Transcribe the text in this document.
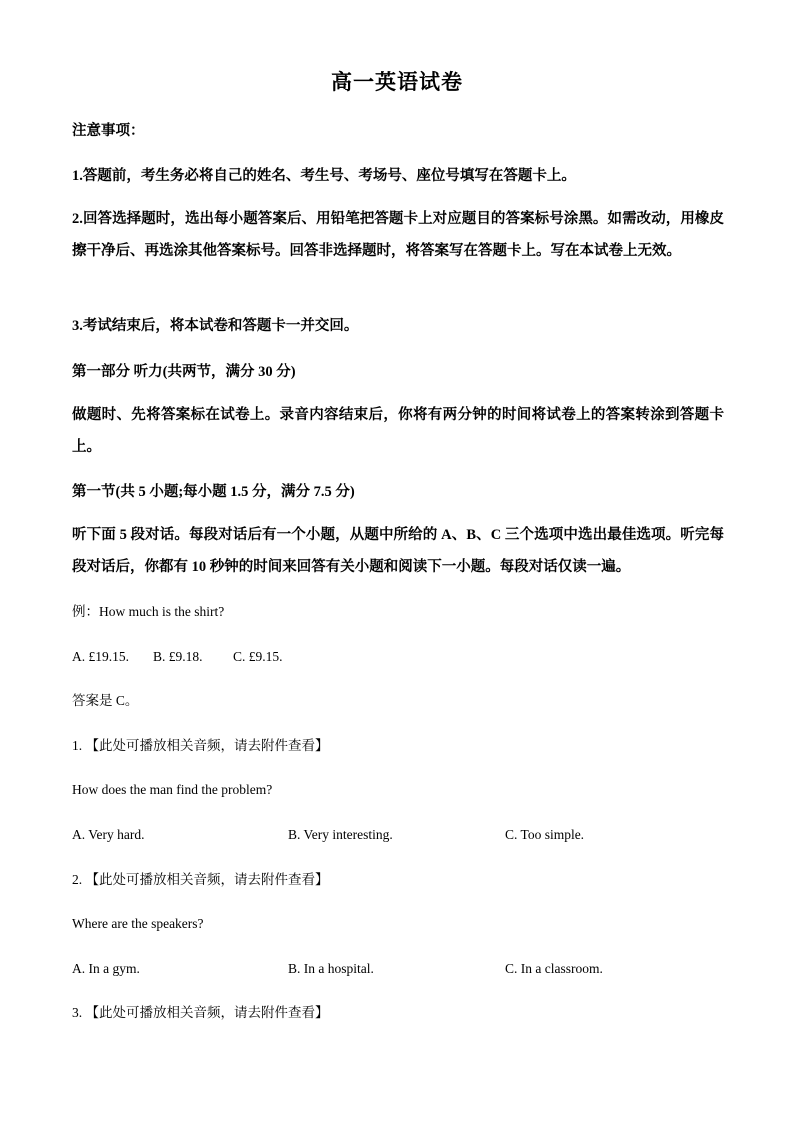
高一英语试卷
注意事项：
1.答题前，考生务必将自己的姓名、考生号、考场号、座位号填写在答题卡上。
2.回答选择题时，选出每小题答案后、用铅笔把答题卡上对应题目的答案标号涂黑。如需改动，用橡皮擦干净后、再选涂其他答案标号。回答非选择题时，将答案写在答题卡上。写在本试卷上无效。
3.考试结束后，将本试卷和答题卡一并交回。
第一部分 听力(共两节，满分 30 分)
做题时、先将答案标在试卷上。录音内容结束后，你将有两分钟的时间将试卷上的答案转涂到答题卡上。
第一节(共 5 小题;每小题 1.5 分，满分 7.5 分)
听下面 5 段对话。每段对话后有一个小题，从题中所给的 A、B、C 三个选项中选出最佳选项。听完每段对话后，你都有 10 秒钟的时间来回答有关小题和阅读下一小题。每段对话仅读一遍。
例：How much is the shirt?
A. £19.15. B. £9.18. C. £9.15.
答案是 C。
1. 【此处可播放相关音频，请去附件查看】
How does the man find the problem?
A. Very hard.	B. Very interesting.	C. Too simple.
2. 【此处可播放相关音频，请去附件查看】
Where are the speakers?
A. In a gym.	B. In a hospital.	C. In a classroom.
3. 【此处可播放相关音频，请去附件查看】
